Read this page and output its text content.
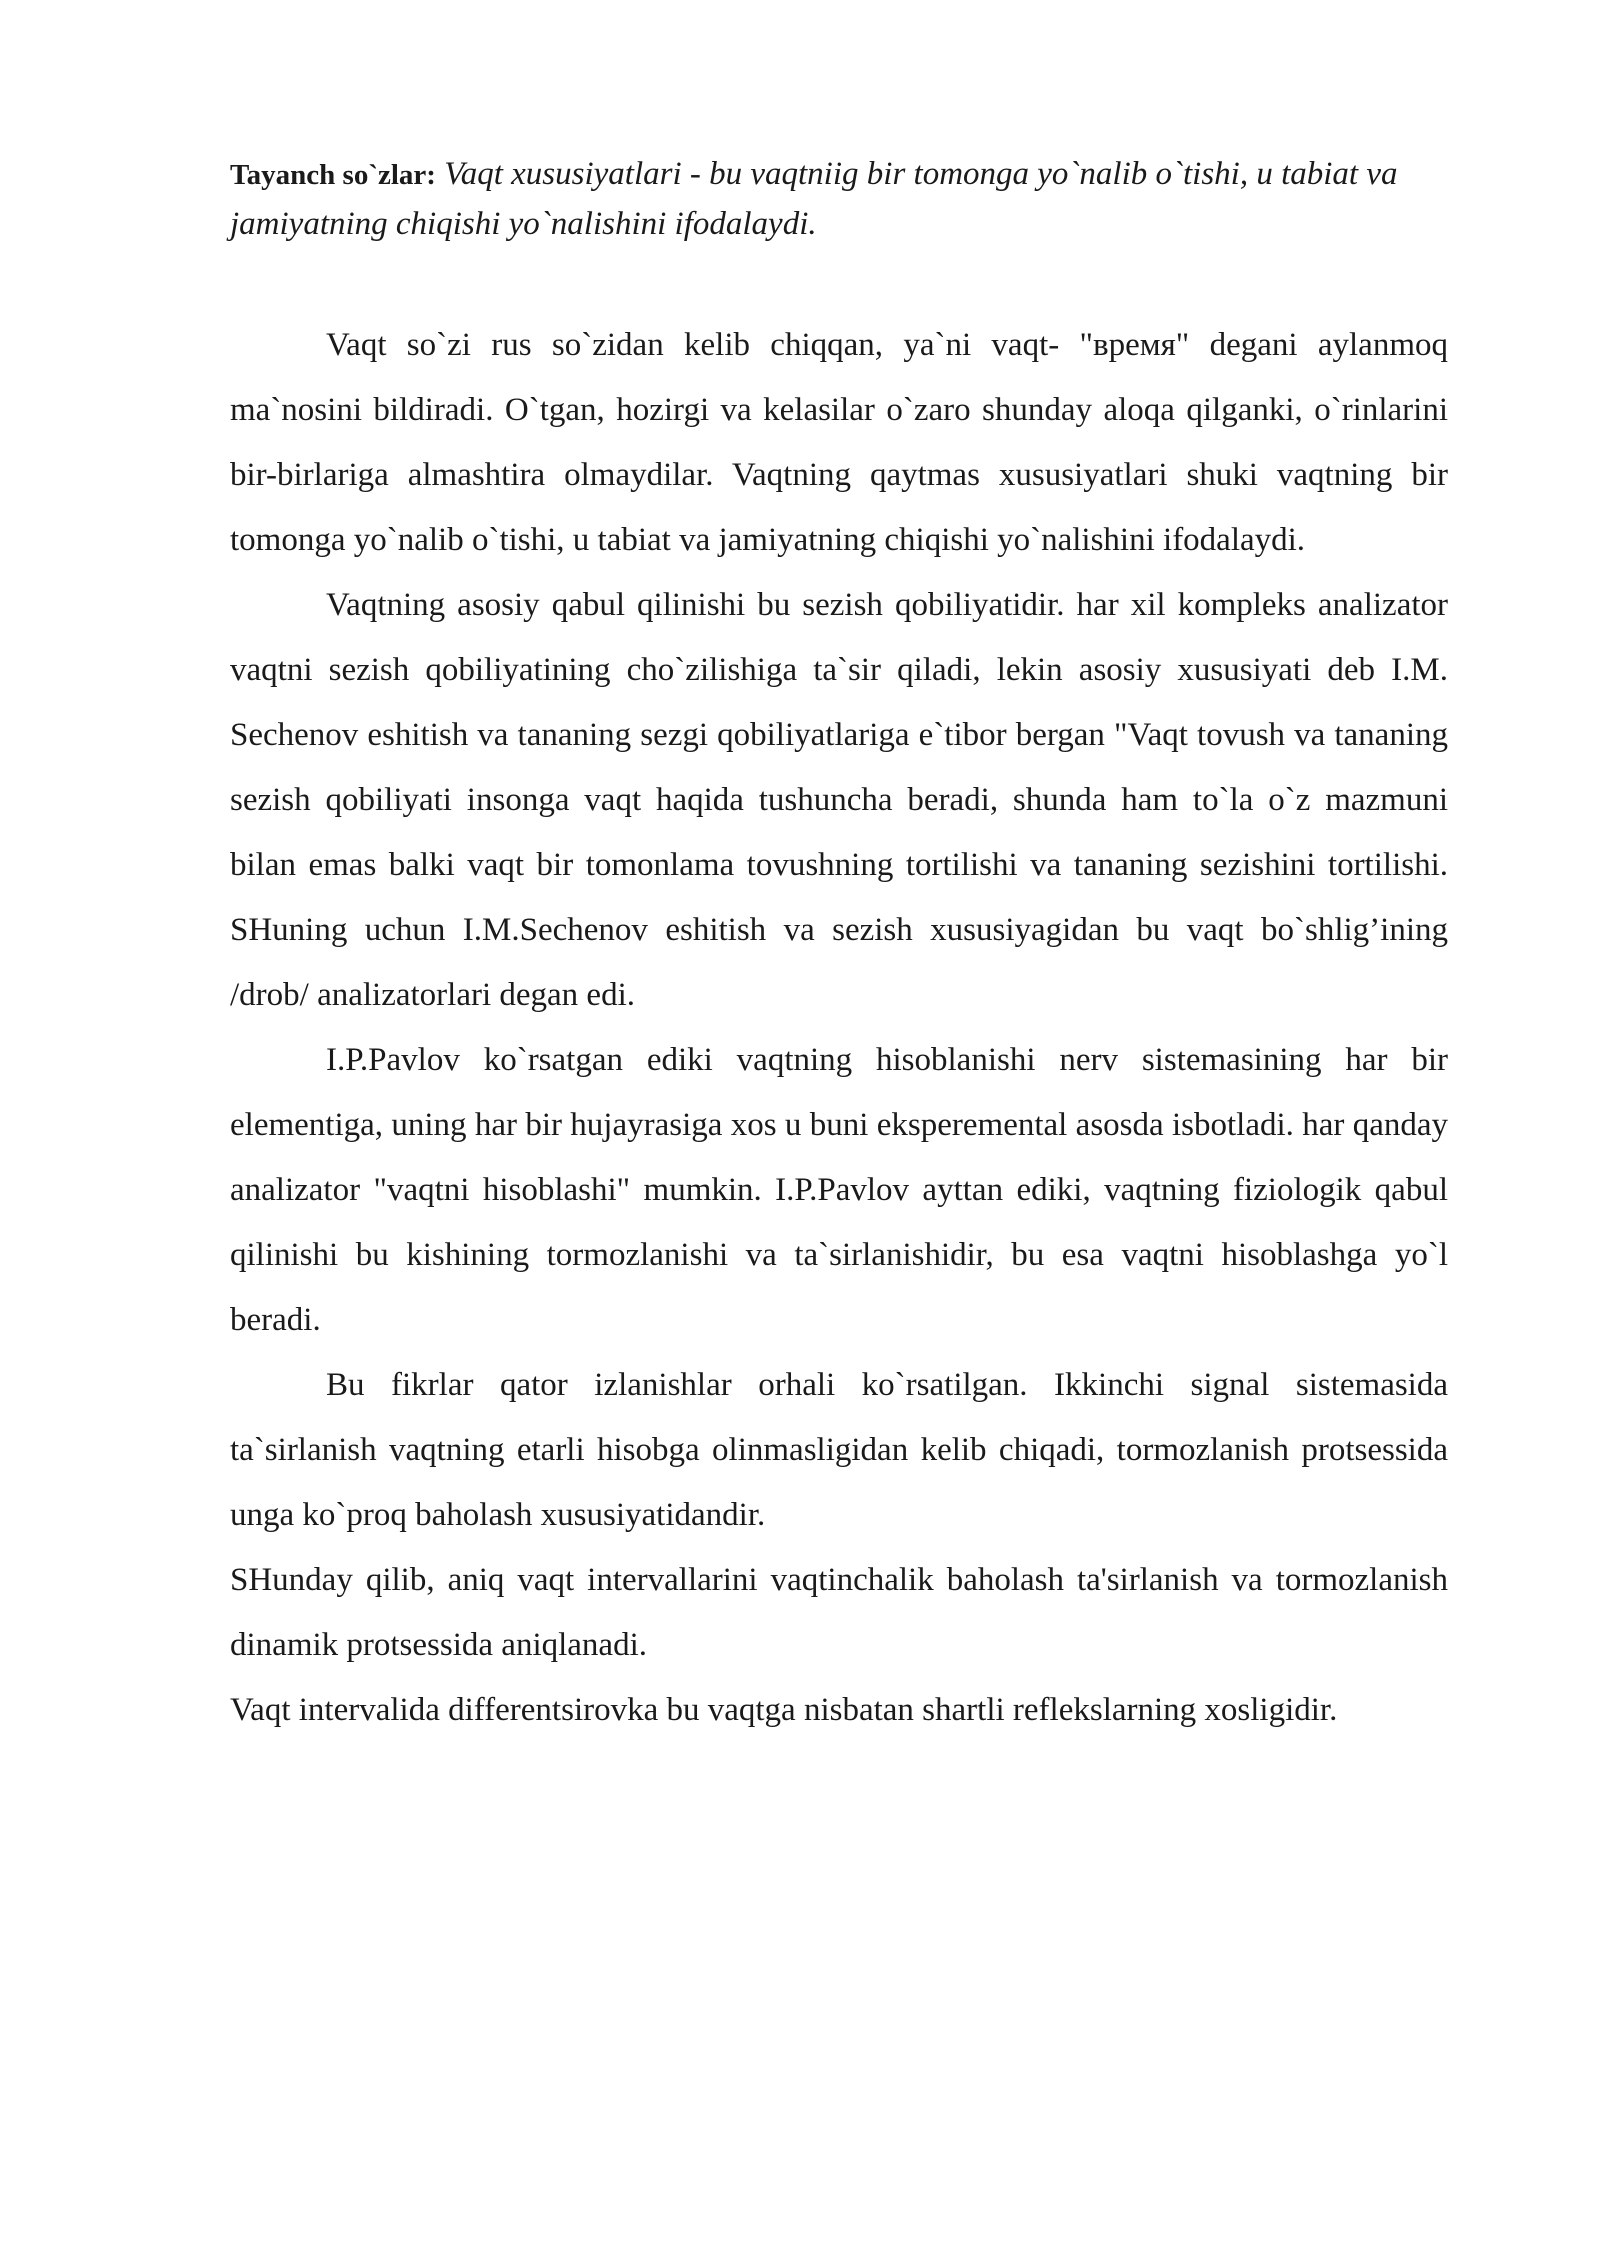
Tayanch so`zlar: Vaqt xususiyatlari - bu vaqtniig bir tomonga yo`nalib o`tishi, u tabiat va jamiyatning chiqishi yo`nalishini ifodalaydi.

Vaqt so`zi rus so`zidan kelib chiqqan, ya`ni vaqt- "время" degani aylanmoq ma`nosini bildiradi. O`tgan, hozirgi va kelasilar o`zaro shunday aloqa qilganki, o`rinlarini bir-birlariga almashtira olmaydilar. Vaqtning qaytmas xususiyatlari shuki vaqtning bir tomonga yo`nalib o`tishi, u tabiat va jamiyatning chiqishi yo`nalishini ifodalaydi.

Vaqtning asosiy qabul qilinishi bu sezish qobiliyatidir. har xil kompleks analizator vaqtni sezish qobiliyatining cho`zilishiga ta`sir qiladi, lekin asosiy xususiyati deb I.M. Sechenov eshitish va tananing sezgi qobiliyatlariga e`tibor bergan "Vaqt tovush va tananing sezish qobiliyati insonga vaqt haqida tushuncha beradi, shunda ham to`la o`z mazmuni bilan emas balki vaqt bir tomonlama tovushning tortilishi va tananing sezishini tortilishi. SHuning uchun I.M.Sechenov eshitish va sezish xususiyagidan bu vaqt bo`shlig’ining /drob/ analizatorlari degan edi.

I.P.Pavlov ko`rsatgan ediki vaqtning hisoblanishi nerv sistemasining har bir elementiga, uning har bir hujayrasiga xos u buni eksperemental asosda isbotladi. har qanday analizator "vaqtni hisoblashi" mumkin. I.P.Pavlov ayttan ediki, vaqtning fiziologik qabul qilinishi bu kishining tormozlanishi va ta`sirlanishidir, bu esa vaqtni hisoblashga yo`l beradi.

Bu fikrlar qator izlanishlar orhali ko`rsatilgan. Ikkinchi signal sistemasida ta`sirlanish vaqtning etarli hisobga olinmasligidan kelib chiqadi, tormozlanish protsessida unga ko`proq baholash xususiyatidandir.

SHunday qilib, aniq vaqt intervallarini vaqtinchalik baholash ta'sirlanish va tormozlanish dinamik protsessida aniqlanadi.

Vaqt intervalida differentsirovka bu vaqtga nisbatan shartli reflekslarning xosligidir.
